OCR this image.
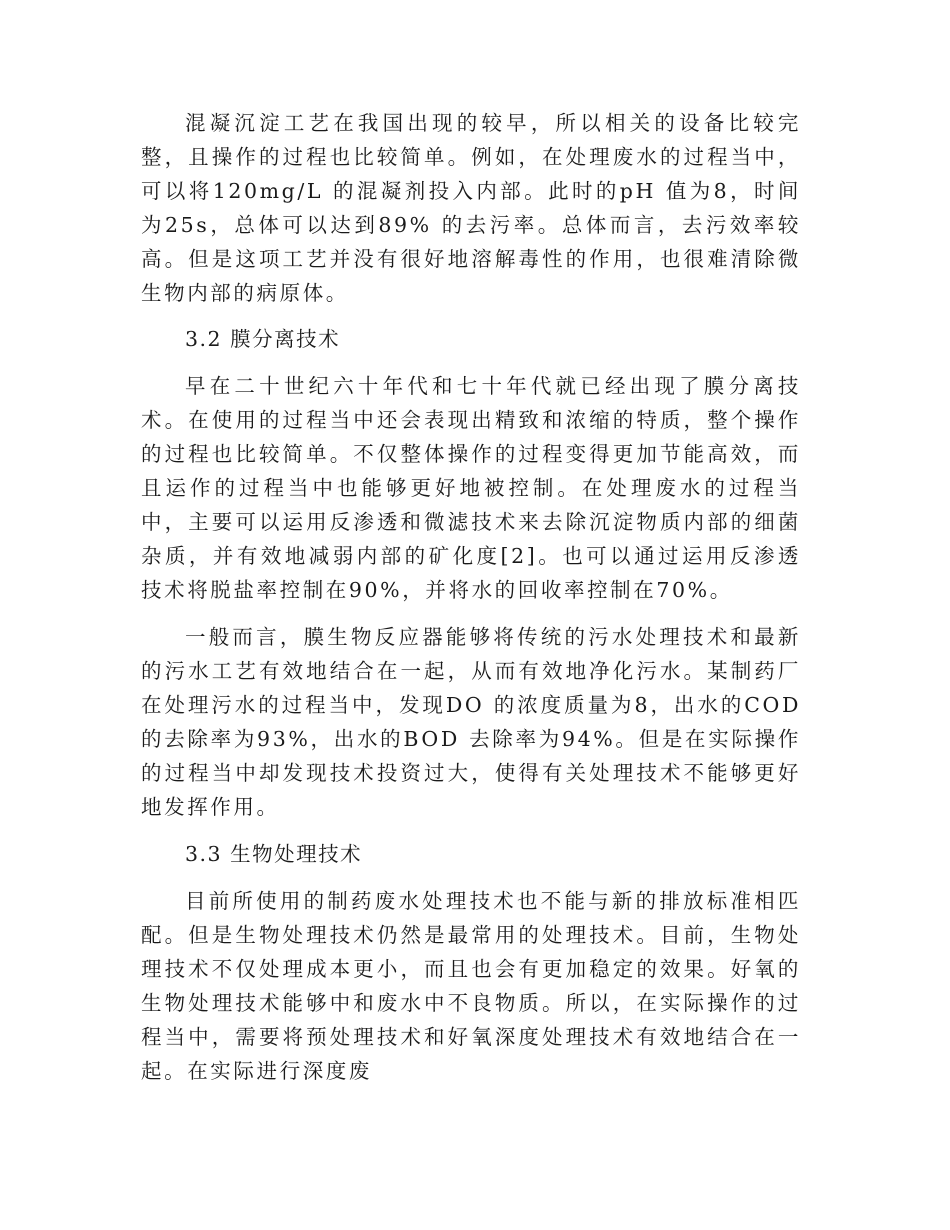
混凝沉淀工艺在我国出现的较早，所以相关的设备比较完整，且操作的过程也比较简单。例如，在处理废水的过程当中，可以将120mg/L 的混凝剂投入内部。此时的pH 值为8，时间为25s，总体可以达到89% 的去污率。总体而言，去污效率较高。但是这项工艺并没有很好地溶解毒性的作用，也很难清除微生物内部的病原体。

3.2 膜分离技术

早在二十世纪六十年代和七十年代就已经出现了膜分离技术。在使用的过程当中还会表现出精致和浓缩的特质，整个操作的过程也比较简单。不仅整体操作的过程变得更加节能高效，而且运作的过程当中也能够更好地被控制。在处理废水的过程当中，主要可以运用反渗透和微滤技术来去除沉淀物质内部的细菌杂质，并有效地减弱内部的矿化度[2]。也可以通过运用反渗透技术将脱盐率控制在90%，并将水的回收率控制在70%。

一般而言，膜生物反应器能够将传统的污水处理技术和最新的污水工艺有效地结合在一起，从而有效地净化污水。某制药厂在处理污水的过程当中，发现DO 的浓度质量为8，出水的COD 的去除率为93%，出水的BOD 去除率为94%。但是在实际操作的过程当中却发现技术投资过大，使得有关处理技术不能够更好地发挥作用。

3.3 生物处理技术

目前所使用的制药废水处理技术也不能与新的排放标准相匹配。但是生物处理技术仍然是最常用的处理技术。目前，生物处理技术不仅处理成本更小，而且也会有更加稳定的效果。好氧的生物处理技术能够中和废水中不良物质。所以，在实际操作的过程当中，需要将预处理技术和好氧深度处理技术有效地结合在一起。在实际进行深度废
